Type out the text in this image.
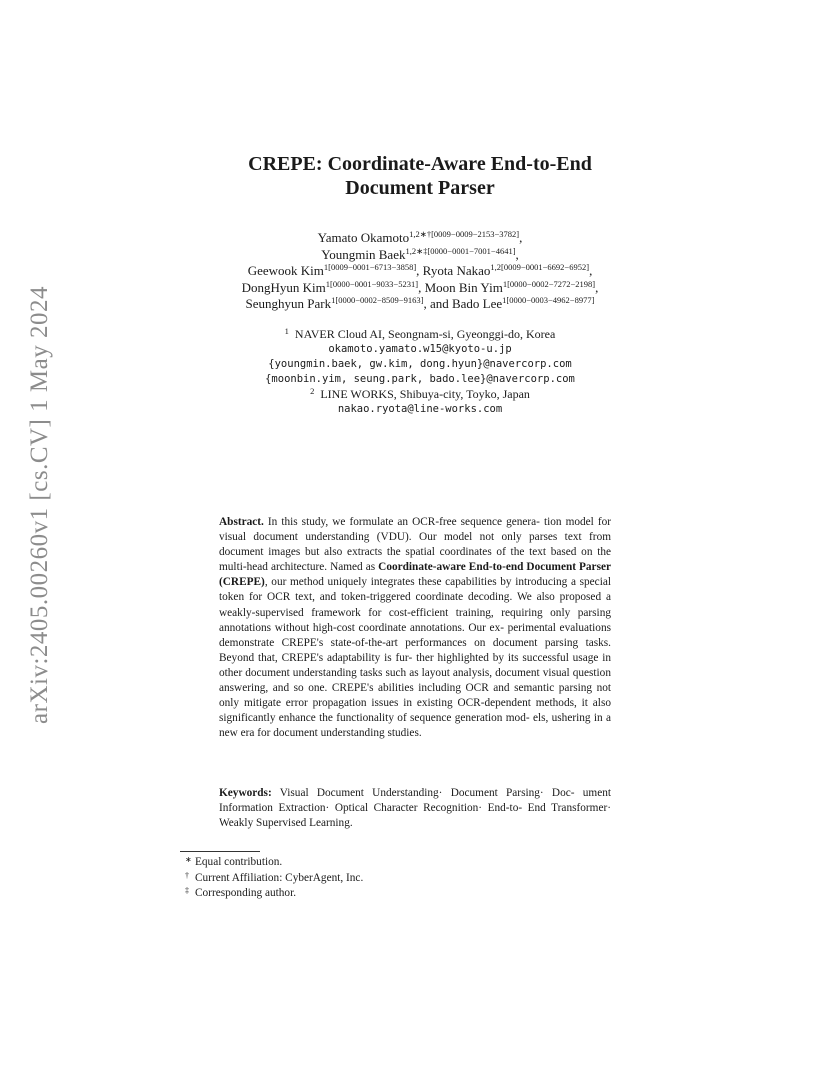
arXiv:2405.00260v1 [cs.CV] 1 May 2024
CREPE: Coordinate-Aware End-to-End
Document Parser
Yamato Okamoto$^{1,2∗\dagger[0009-0009-2153-3782]}$,
Youngmin Baek$^{1,2∗\ddagger[0000-0001-7001-4641]}$,
Geewook Kim$^{1[0009-0001-6713-3858]}$, Ryota Nakao$^{1,2[0009-0001-6692-6952]}$,
DongHyun Kim$^{1[0000-0001-9033-5231]}$, Moon Bin Yim$^{1[0000-0002-7272-2198]}$,
Seunghyun Park$^{1[0000-0002-8509-9163]}$, and Bado Lee$^{1[0000-0003-4962-8977]}$
$^1$ NAVER Cloud AI, Seongnam-si, Gyeonggi-do, Korea
okamoto.yamato.w15@kyoto-u.jp
{youngmin.baek, gw.kim, dong.hyun}@navercorp.com
{moonbin.yim, seung.park, bado.lee}@navercorp.com
$^2$ LINE WORKS, Shibuya-city, Toyko, Japan
nakao.ryota@line-works.com
Abstract. In this study, we formulate an OCR-free sequence genera- tion model for visual document understanding (VDU). Our model not only parses text from document images but also extracts the spatial coordinates of the text based on the multi-head architecture. Named as Coordinate-aware End-to-end Document Parser (CREPE), our method uniquely integrates these capabilities by introducing a special token for OCR text, and token-triggered coordinate decoding. We also proposed a weakly-supervised framework for cost-efficient training, requiring only parsing annotations without high-cost coordinate annotations. Our ex- perimental evaluations demonstrate CREPE's state-of-the-art performances on document parsing tasks. Beyond that, CREPE's adaptability is fur- ther highlighted by its successful usage in other document understanding tasks such as layout analysis, document visual question answering, and so one. CREPE's abilities including OCR and semantic parsing not only mitigate error propagation issues in existing OCR-dependent methods, it also significantly enhance the functionality of sequence generation mod- els, ushering in a new era for document understanding studies.
Keywords: Visual Document Understanding· Document Parsing· Doc- ument Information Extraction· Optical Character Recognition· End-to- End Transformer· Weakly Supervised Learning.
∗ Equal contribution.
† Current Affiliation: CyberAgent, Inc.
‡ Corresponding author.
